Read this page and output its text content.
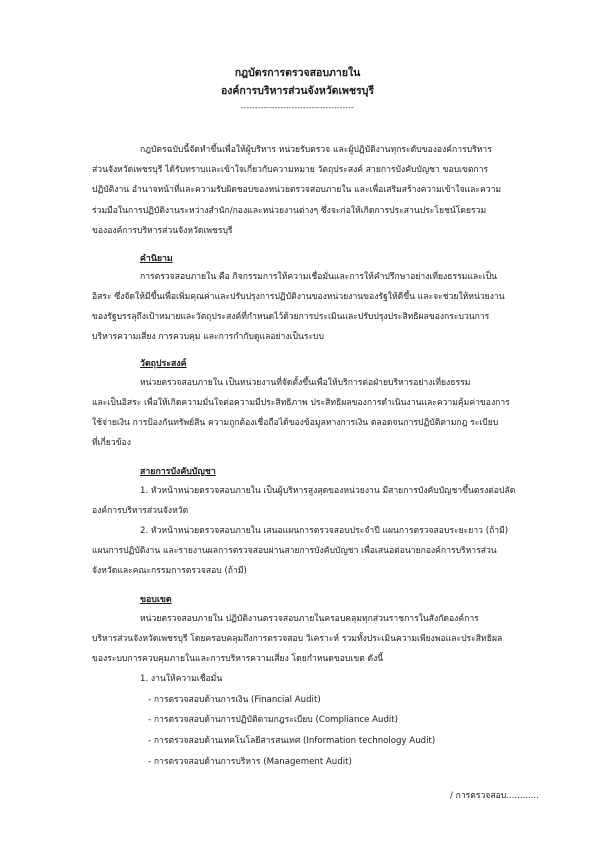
กฎบัตรการตรวจสอบภายใน
องค์การบริหารส่วนจังหวัดเพชรบุรี
----------------------------------------
กฎบัตรฉบับนี้จัดทำขึ้นเพื่อให้ผู้บริหาร หน่วยรับตรวจ และผู้ปฏิบัติงานทุกระดับขององค์การบริหาร
ส่วนจังหวัดเพชรบุรี ได้รับทราบและเข้าใจเกี่ยวกับความหมาย วัตถุประสงค์ สายการบังคับบัญชา ขอบเขตการ
ปฏิบัติงาน อำนาจหน้าที่และความรับผิดชอบของหน่วยตรวจสอบภายใน และเพื่อเสริมสร้างความเข้าใจและความ
ร่วมมือในการปฏิบัติงานระหว่างสำนัก/กองและหน่วยงานต่างๆ ซึ่งจะก่อให้เกิดการประสานประโยชน์โดยรวม
ขององค์การบริหารส่วนจังหวัดเพชรบุรี
คำนิยาม
การตรวจสอบภายใน คือ กิจกรรมการให้ความเชื่อมั่นและการให้คำปรึกษาอย่างเที่ยงธรรมและเป็น
อิสระ ซึ่งจัดให้มีขึ้นเพื่อเพิ่มคุณค่าและปรับปรุงการปฏิบัติงานของหน่วยงานของรัฐให้ดีขึ้น และจะช่วยให้หน่วยงาน
ของรัฐบรรลุถึงเป้าหมายและวัตถุประสงค์ที่กำหนดไว้ด้วยการประเมินและปรับปรุงประสิทธิผลของกระบวนการ
บริหารความเสี่ยง การควบคุม และการกำกับดูแลอย่างเป็นระบบ
วัตถุประสงค์
หน่วยตรวจสอบภายใน เป็นหน่วยงานที่จัดตั้งขึ้นเพื่อให้บริการต่อฝ่ายบริหารอย่างเที่ยงธรรม
และเป็นอิสระ เพื่อให้เกิดความมั่นใจต่อความมีประสิทธิภาพ ประสิทธิผลของการดำเนินงานและความคุ้มค่าของการ
ใช้จ่ายเงิน การป้องกันทรัพย์สิน ความถูกต้องเชื่อถือได้ของข้อมูลทางการเงิน ตลอดจนการปฏิบัติตามกฎ ระเบียบ
ที่เกี่ยวข้อง
สายการบังคับบัญชา
1. หัวหน้าหน่วยตรวจสอบภายใน เป็นผู้บริหารสูงสุดของหน่วยงาน มีสายการบังคับบัญชาขึ้นตรงต่อปลัด
องค์การบริหารส่วนจังหวัด
2. หัวหน้าหน่วยตรวจสอบภายใน เสนอแผนการตรวจสอบประจำปี แผนการตรวจสอบระยะยาว (ถ้ามี)
แผนการปฏิบัติงาน และรายงานผลการตรวจสอบผ่านสายการบังคับบัญชา เพื่อเสนอต่อนายกองค์การบริหารส่วน
จังหวัดและคณะกรรมการตรวจสอบ (ถ้ามี)
ขอบเขต
หน่วยตรวจสอบภายใน ปฏิบัติงานตรวจสอบภายในครอบคลุมทุกส่วนราชการในสังกัดองค์การ
บริหารส่วนจังหวัดเพชรบุรี โดยครอบคลุมถึงการตรวจสอบ วิเคราะห์ รวมทั้งประเมินความเพียงพอและประสิทธิผล
ของระบบการควบคุมภายในและการบริหารความเสี่ยง โดยกำหนดขอบเขต ดังนี้
1. งานให้ความเชื่อมั่น
- การตรวจสอบด้านการเงิน (Financial Audit)
- การตรวจสอบด้านการปฏิบัติตามกฎระเบียบ (Compliance Audit)
- การตรวจสอบด้านเทคโนโลยีสารสนเทศ (Information technology Audit)
- การตรวจสอบด้านการบริหาร (Management Audit)
/ การตรวจสอบ............
